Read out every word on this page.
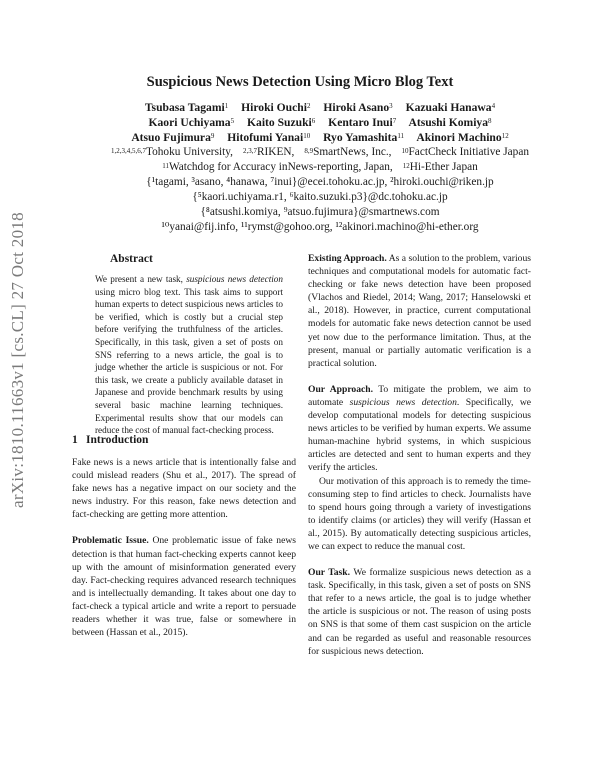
arXiv:1810.11663v1 [cs.CL] 27 Oct 2018
Suspicious News Detection Using Micro Blog Text
Tsubasa Tagami$^1$ Hiroki Ouchi$^2$ Hiroki Asano$^3$ Kazuaki Hanawa$^4$
Kaori Uchiyama$^5$ Kaito Suzuki$^6$ Kentaro Inui$^7$ Atsushi Komiya$^8$
Atsuo Fujimura$^9$ Hitofumi Yanai$^{10}$ Ryo Yamashita$^{11}$ Akinori Machino$^{12}$
$^{1,2,3,4,5,6,7}$Tohoku University, $^{2,3,7}$RIKEN, $^{8,9}$SmartNews, Inc., $^{10}$FactCheck Initiative Japan
$^{11}$Watchdog for Accuracy inNews-reporting, Japan, $^{12}$Hi-Ether Japan
{¹tagami, ³asano, ⁴hanawa, ⁷inui}@ecei.tohoku.ac.jp, ²hiroki.ouchi@riken.jp
{⁵kaori.uchiyama.r1, ⁶kaito.suzuki.p3}@dc.tohoku.ac.jp
{⁸atsushi.komiya, ⁹atsuo.fujimura}@smartnews.com
¹⁰yanai@fij.info, ¹¹rymst@gohoo.org, ¹²akinori.machino@hi-ether.org
Abstract
We present a new task, suspicious news detection using micro blog text. This task aims to support human experts to detect suspicious news articles to be verified, which is costly but a crucial step before verifying the truthfulness of the articles. Specifically, in this task, given a set of posts on SNS referring to a news article, the goal is to judge whether the article is suspicious or not. For this task, we create a publicly available dataset in Japanese and provide benchmark results by using several basic machine learning techniques. Experimental results show that our models can reduce the cost of manual fact-checking process.
1 Introduction

Fake news is a news article that is intentionally false and could mislead readers (Shu et al., 2017). The spread of fake news has a negative impact on our society and the news industry. For this reason, fake news detection and fact-checking are getting more attention.

Problematic Issue. One problematic issue of fake news detection is that human fact-checking experts cannot keep up with the amount of misinformation generated every day. Fact-checking requires advanced research techniques and is intellectually demanding. It takes about one day to fact-check a typical article and write a report to persuade readers whether it was true, false or somewhere in between (Hassan et al., 2015).

Existing Approach. As a solution to the problem, various techniques and computational models for automatic fact-checking or fake news detection have been proposed (Vlachos and Riedel, 2014; Wang, 2017; Hanselowski et al., 2018). However, in practice, current computational models for automatic fake news detection cannot be used yet now due to the performance limitation. Thus, at the present, manual or partially automatic verification is a practical solution.

Our Approach. To mitigate the problem, we aim to automate suspicious news detection. Specifically, we develop computational models for detecting suspicious news articles to be verified by human experts. We assume human-machine hybrid systems, in which suspicious articles are detected and sent to human experts and they verify the articles.

Our motivation of this approach is to remedy the time-consuming step to find articles to check. Journalists have to spend hours going through a variety of investigations to identify claims (or articles) they will verify (Hassan et al., 2015). By automatically detecting suspicious articles, we can expect to reduce the manual cost.

Our Task. We formalize suspicious news detection as a task. Specifically, in this task, given a set of posts on SNS that refer to a news article, the goal is to judge whether the article is suspicious or not. The reason of using posts on SNS is that some of them cast suspicion on the article and can be regarded as useful and reasonable resources for suspicious news detection.
